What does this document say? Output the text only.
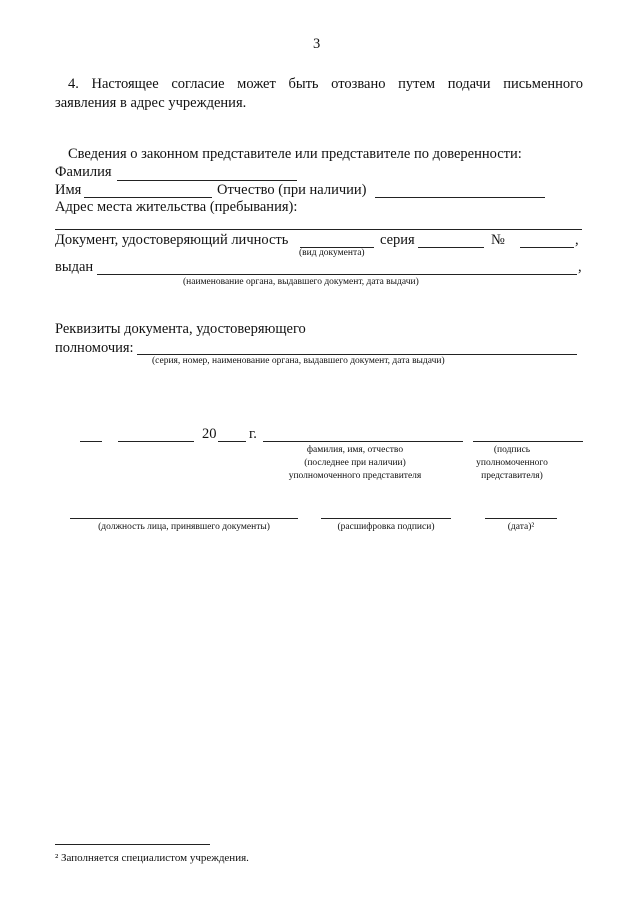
3
4. Настоящее согласие может быть отозвано путем подачи письменного
заявления в адрес учреждения.
Сведения о законном представителе или представителе по доверенности:
Фамилия
Имя	Отчество (при наличии)
Адрес места жительства (пребывания):
Документ, удостоверяющий личность	серия	№	,
(вид документа)
выдан	,
(наименование органа, выдавшего документ, дата выдачи)
Реквизиты документа, удостоверяющего
полномочия:
(серия, номер, наименование органа, выдавшего документ, дата выдачи)
20 г.
фамилия, имя, отчество
(последнее при наличии)
уполномоченного представителя
(подпись
уполномоченного
представителя)
(должность лица, принявшего документы)	(расшифровка подписи)	(дата)²
² Заполняется специалистом учреждения.
